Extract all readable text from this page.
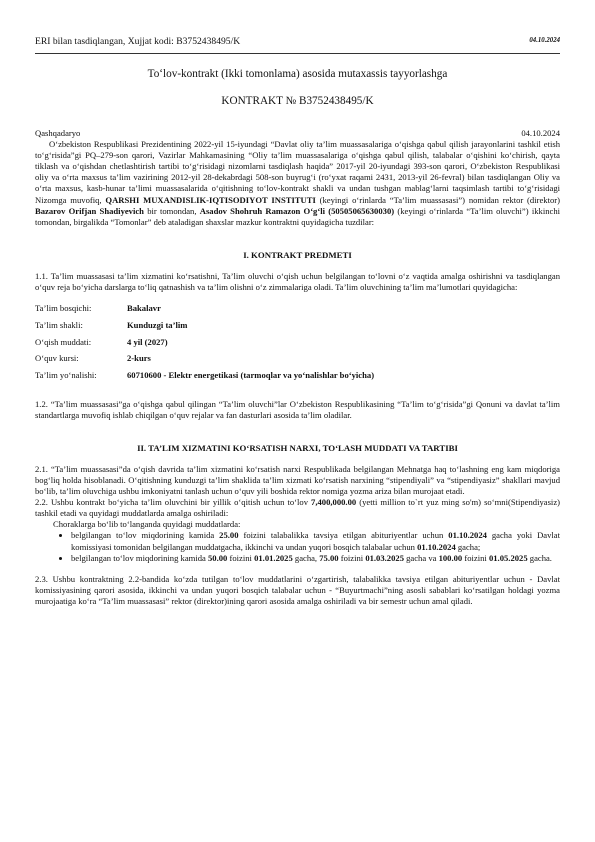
ERI bilan tasdiqlangan, Xujjat kodi: B3752438495/K	04.10.2024
To‘lov-kontrakt (Ikki tomonlama) asosida mutaxassis tayyorlashga
KONTRAKT № B3752438495/K
Qashqadaryo	04.10.2024

O‘zbekiston Respublikasi Prezidentining 2022-yil 15-iyundagi “Davlat oliy ta’lim muassasalariga o‘qishga qabul qilish jarayonlarini tashkil etish to‘g‘risida”gi PQ–279-son qarori, Vazirlar Mahkamasining “Oliy ta’lim muassasalariga o‘qishga qabul qilish, talabalar o‘qishini ko‘chirish, qayta tiklash va o‘qishdan chetlashtirish tartibi to‘g‘risidagi nizomlarni tasdiqlash haqida” 2017-yil 20-iyundagi 393-son qarori, O‘zbekiston Respublikasi oliy va o‘rta maxsus ta’lim vazirining 2012-yil 28-dekabrdagi 508-son buyrug‘i (ro‘yxat raqami 2431, 2013-yil 26-fevral) bilan tasdiqlangan Oliy va o‘rta maxsus, kasb-hunar ta’limi muassasalarida o‘qitishning to‘lov-kontrakt shakli va undan tushgan mablag‘larni taqsimlash tartibi to‘g‘risidagi Nizomga muvofiq, QARSHI MUXANDISLIK-IQTISODIYOT INSTITUTI (keyingi o‘rinlarda “Ta’lim muassasasi”) nomidan rektor (direktor) Bazarov Orifjan Shadiyevich bir tomondan, Asadov Shohruh Ramazon O‘g‘li (50505065630030) (keyingi o‘rinlarda “Ta’lim oluvchi”) ikkinchi tomondan, birgalikda “Tomonlar” deb ataladigan shaxslar mazkur kontraktni quyidagicha tuzdilar:

I. KONTRAKT PREDMETI

1.1. Ta’lim muassasasi ta’lim xizmatini ko‘rsatishni, Ta’lim oluvchi o‘qish uchun belgilangan to‘lovni o‘z vaqtida amalga oshirishni va tasdiqlangan o‘quv reja bo‘yicha darslarga to‘liq qatnashish va ta’lim olishni o‘z zimmalariga oladi. Ta’lim oluvchining ta’lim ma’lumotlari quyidagicha:

Ta’lim bosqichi:	Bakalavr
Ta’lim shakli:	Kunduzgi ta’lim
O‘qish muddati:	4 yil (2027)
O‘quv kursi:	2-kurs
Ta’lim yo‘nalishi:	60710600 - Elektr energetikasi (tarmoqlar va yo‘nalishlar bo‘yicha)

1.2. “Ta’lim muassasasi”ga o‘qishga qabul qilingan “Ta’lim oluvchi”lar O‘zbekiston Respublikasining “Ta’lim to‘g‘risida”gi Qonuni va davlat ta’lim standartlarga muvofiq ishlab chiqilgan o‘quv rejalar va fan dasturlari asosida ta’lim oladilar.

II. TA’LIM XIZMATINI KO‘RSATISH NARXI, TO‘LASH MUDDATI VA TARTIBI

2.1. “Ta’lim muassasasi”da o‘qish davrida ta’lim xizmatini ko‘rsatish narxi Respublikada belgilangan Mehnatga haq to‘lashning eng kam miqdoriga bog‘liq holda hisoblanadi. O‘qitishning kunduzgi ta’lim shaklida ta’lim xizmati ko‘rsatish narxining “stipendiyali” va “stipendiyasiz” shakllari mavjud bo‘lib, ta’lim oluvchiga ushbu imkoniyatni tanlash uchun o‘quv yili boshida rektor nomiga yozma ariza bilan murojaat etadi.

2.2. Ushbu kontrakt bo‘yicha ta’lim oluvchini bir yillik o‘qitish uchun to‘lov 7,400,000.00 (yetti million to`rt yuz ming so'm) so‘mni(Stipendiyasiz) tashkil etadi va quyidagi muddatlarda amalga oshiriladi:

Choraklarga bo‘lib to‘langanda quyidagi muddatlarda:
• belgilangan to‘lov miqdorining kamida 25.00 foizini talabalikka tavsiya etilgan abituriyentlar uchun 01.10.2024 gacha yoki Davlat komissiyasi tomonidan belgilangan muddatgacha, ikkinchi va undan yuqori bosqich talabalar uchun 01.10.2024 gacha;
• belgilangan to‘lov miqdorining kamida 50.00 foizini 01.01.2025 gacha, 75.00 foizini 01.03.2025 gacha va 100.00 foizini 01.05.2025 gacha.

2.3. Ushbu kontraktning 2.2-bandida ko‘zda tutilgan to‘lov muddatlarini o‘zgartirish, talabalikka tavsiya etilgan abituriyentlar uchun - Davlat komissiyasining qarori asosida, ikkinchi va undan yuqori bosqich talabalar uchun - “Buyurtmachi”ning asosli sabablari ko‘rsatilgan holdagi yozma murojaatiga ko‘ra “Ta’lim muassasasi” rektor (direktor)ining qarori asosida amalga oshiriladi va bir semestr uchun amal qiladi.
